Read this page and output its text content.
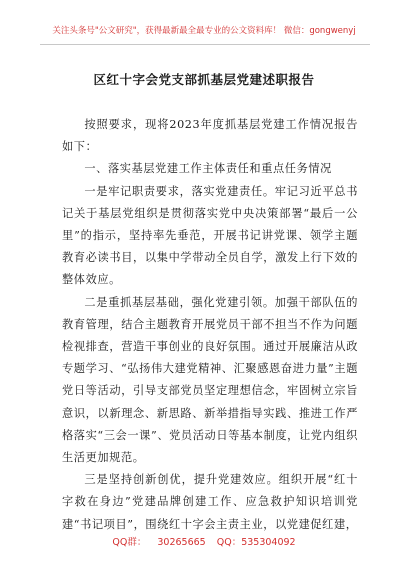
关注头条号"公文研究"，获得最新最全最专业的公文资料库！ 微信：gongwenyj
区红十字会党支部抓基层党建述职报告

按照要求，现将2023年度抓基层党建工作情况报告如下：

一、落实基层党建工作主体责任和重点任务情况

一是牢记职责要求，落实党建责任。牢记习近平总书记关于基层党组织是贯彻落实党中央决策部署“最后一公里”的指示，坚持率先垂范，开展书记讲党课、领学主题教育必读书目，以集中学带动全员自学，激发上行下效的整体效应。

二是重抓基层基础，强化党建引领。加强干部队伍的教育管理，结合主题教育开展党员干部不担当不作为问题检视排查，营造干事创业的良好氛围。通过开展廉洁从政专题学习、“弘扬伟大建党精神、汇聚感恩奋进力量”主题党日等活动，引导支部党员坚定理想信念，牢固树立宗旨意识，以新理念、新思路、新举措指导实践、推进工作严格落实“三会一课”、党员活动日等基本制度，让党内组织生活更加规范。

三是坚持创新创优，提升党建效应。组织开展“红十字救在身边”党建品牌创建工作、应急救护知识培训党建“书记项目”，围绕红十字会主责主业，以党建促红建，

QQ群： 30265665 QQ：535304092
